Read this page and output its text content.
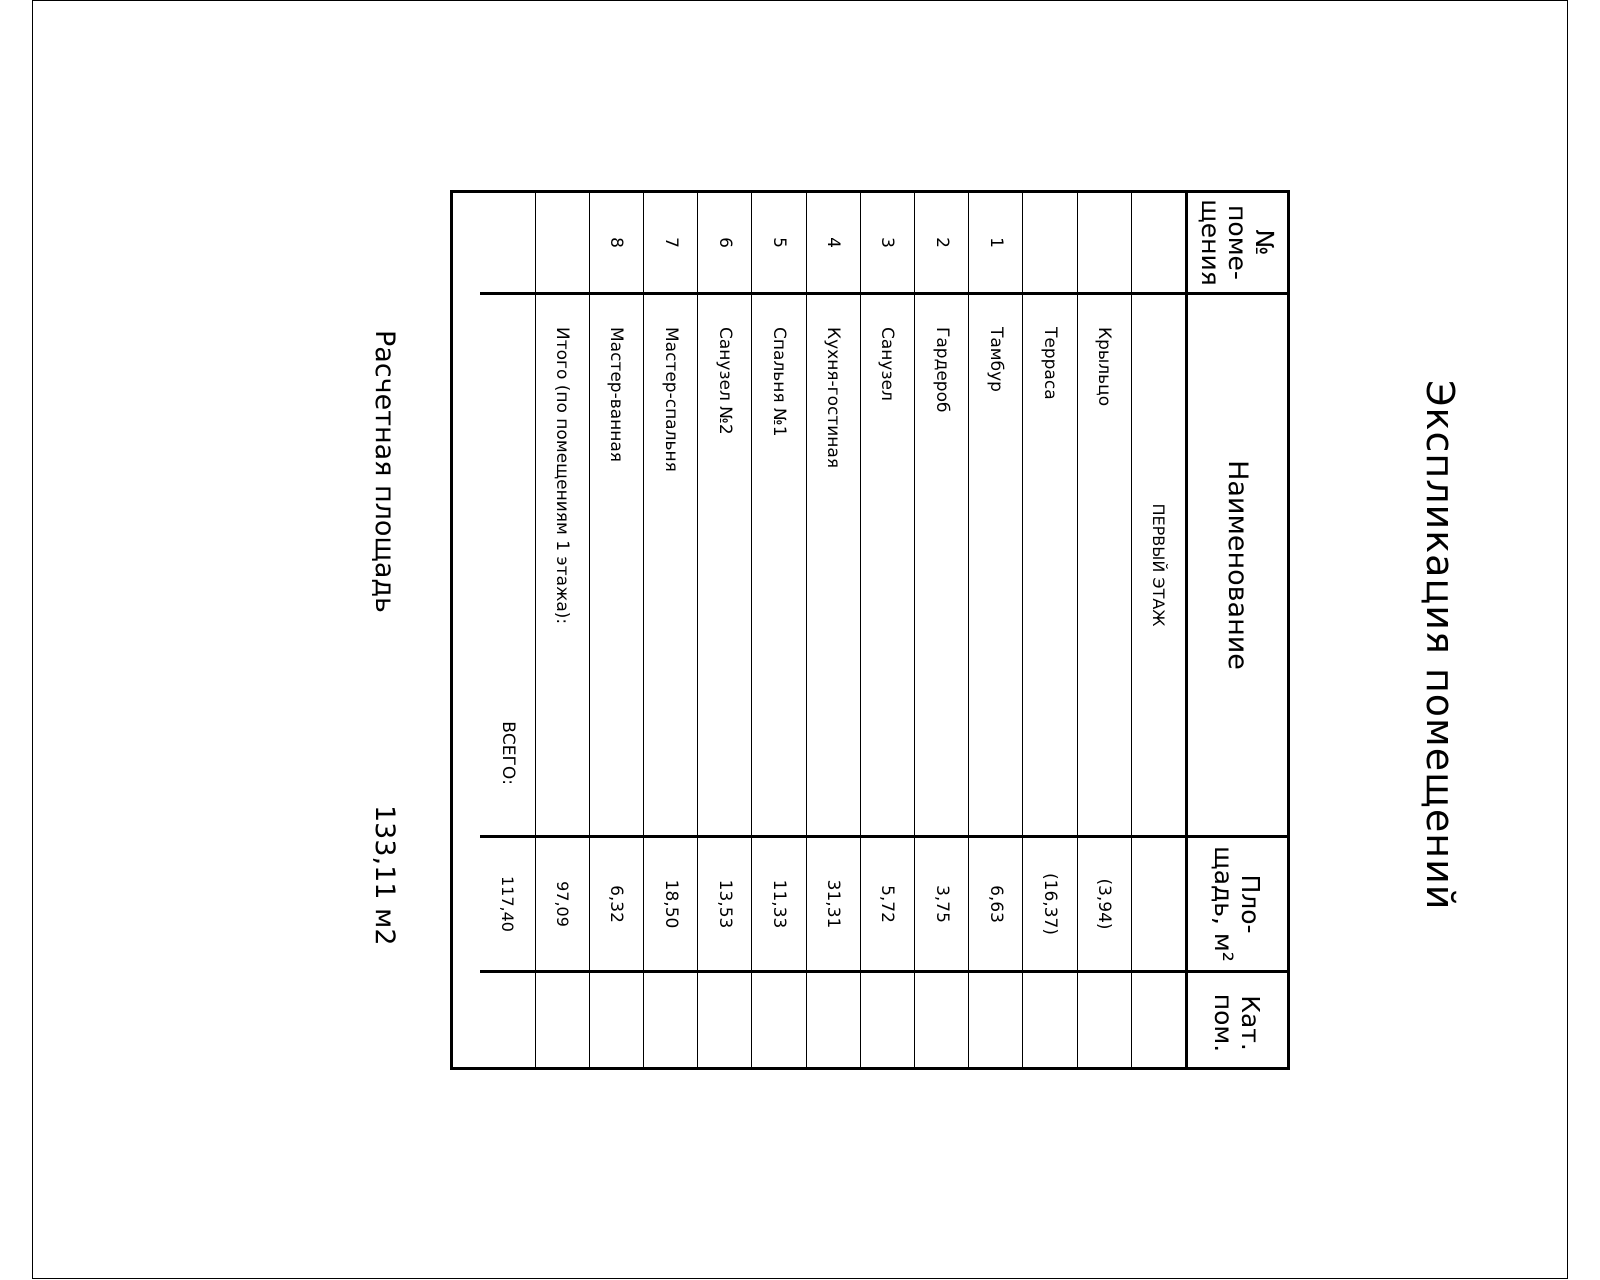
Экспликация помещений
№ поме- щения
Наименование
Пло- щадь, м²
Кат. пом.
ПЕРВЫЙ ЭТАЖ
Крыльцо
(3,94)
Терраса
(16,37)
1
Тамбур
6,63
2
Гардероб
3,75
3
Санузел
5,72
4
Кухня-гостиная
31,31
5
Спальня №1
11,33
6
Санузел №2
13,53
7
Мастер-спальня
18,50
8
Мастер-ванная
6,32
Итого (по помещениям 1 этажа):
97,09
ВСЕГО:
117,40
Расчетная площадь
133,11 м2
